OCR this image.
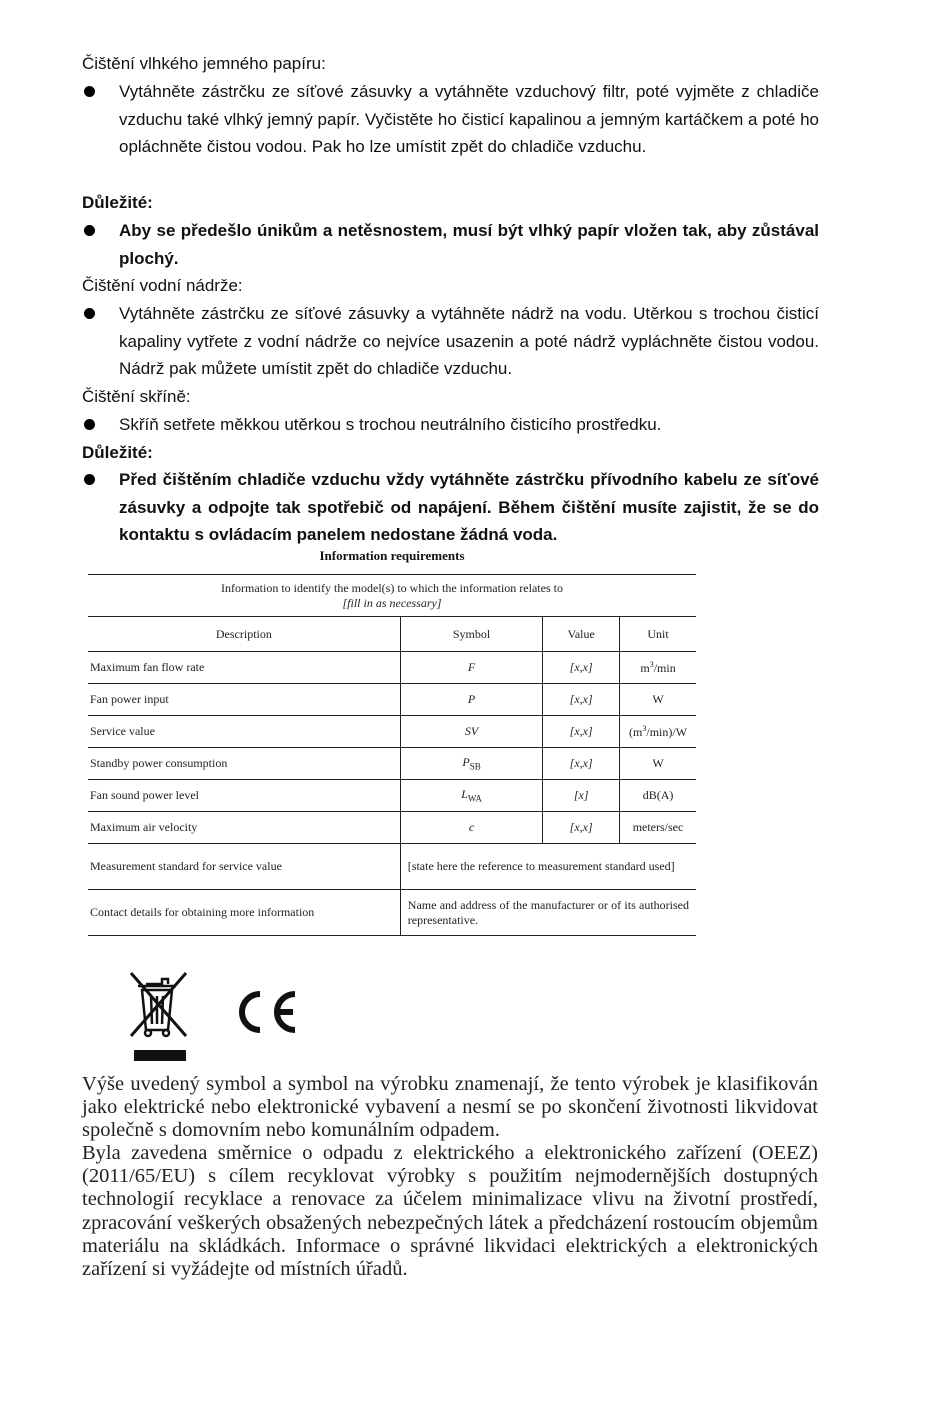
Čištění vlhkého jemného papíru:
Vytáhněte zástrčku ze síťové zásuvky a vytáhněte vzduchový filtr, poté vyjměte z chladiče vzduchu také vlhký jemný papír. Vyčistěte ho čisticí kapalinou a jemným kartáčkem a poté ho opláchněte čistou vodou. Pak ho lze umístit zpět do chladiče vzduchu.
Důležité:
Aby se předešlo únikům a netěsnostem, musí být vlhký papír vložen tak, aby zůstával plochý.
Čištění vodní nádrže:
Vytáhněte zástrčku ze síťové zásuvky a vytáhněte nádrž na vodu. Utěrkou s trochou čisticí kapaliny vytřete z vodní nádrže co nejvíce usazenin a poté nádrž vypláchněte čistou vodou. Nádrž pak můžete umístit zpět do chladiče vzduchu.
Čištění skříně:
Skříň setřete měkkou utěrkou s trochou neutrálního čisticího prostředku.
Důležité:
Před čištěním chladiče vzduchu vždy vytáhněte zástrčku přívodního kabelu ze síťové zásuvky a odpojte tak spotřebič od napájení. Během čištění musíte zajistit, že se do kontaktu s ovládacím panelem nedostane žádná voda.
Information requirements
Information to identify the model(s) to which the information relates to
[fill in as necessary]			

Description	Symbol	Value	Unit
Maximum fan flow rate	F	[x,x]	$m^3/\min$
Fan power input	P	[x,x]	W
Service value	SV	[x,x]	$(m^3/\min)/W$
Standby power consumption	$P_{SB}$	[x,x]	W
Fan sound power level	$L_{WA}$	[x]	dB(A)
Maximum air velocity	c	[x,x]	meters/sec
Measurement standard for service value	[state here the reference to measurement standard used]		
Contact details for obtaining more information	Name and address of the manufacturer or of its authorised representative.		
Výše uvedený symbol a symbol na výrobku znamenají, že tento výrobek je klasifikován jako elektrické nebo elektronické vybavení a nesmí se po skončení životnosti likvidovat společně s domovním nebo komunálním odpadem.
Byla zavedena směrnice o odpadu z elektrického a elektronického zařízení (OEEZ) (2011/65/EU) s cílem recyklovat výrobky s použitím nejmodernějších dostupných technologií recyklace a renovace za účelem minimalizace vlivu na životní prostředí, zpracování veškerých obsažených nebezpečných látek a předcházení rostoucím objemům materiálu na skládkách. Informace o správné likvidaci elektrických a elektronických zařízení si vyžádejte od místních úřadů.
